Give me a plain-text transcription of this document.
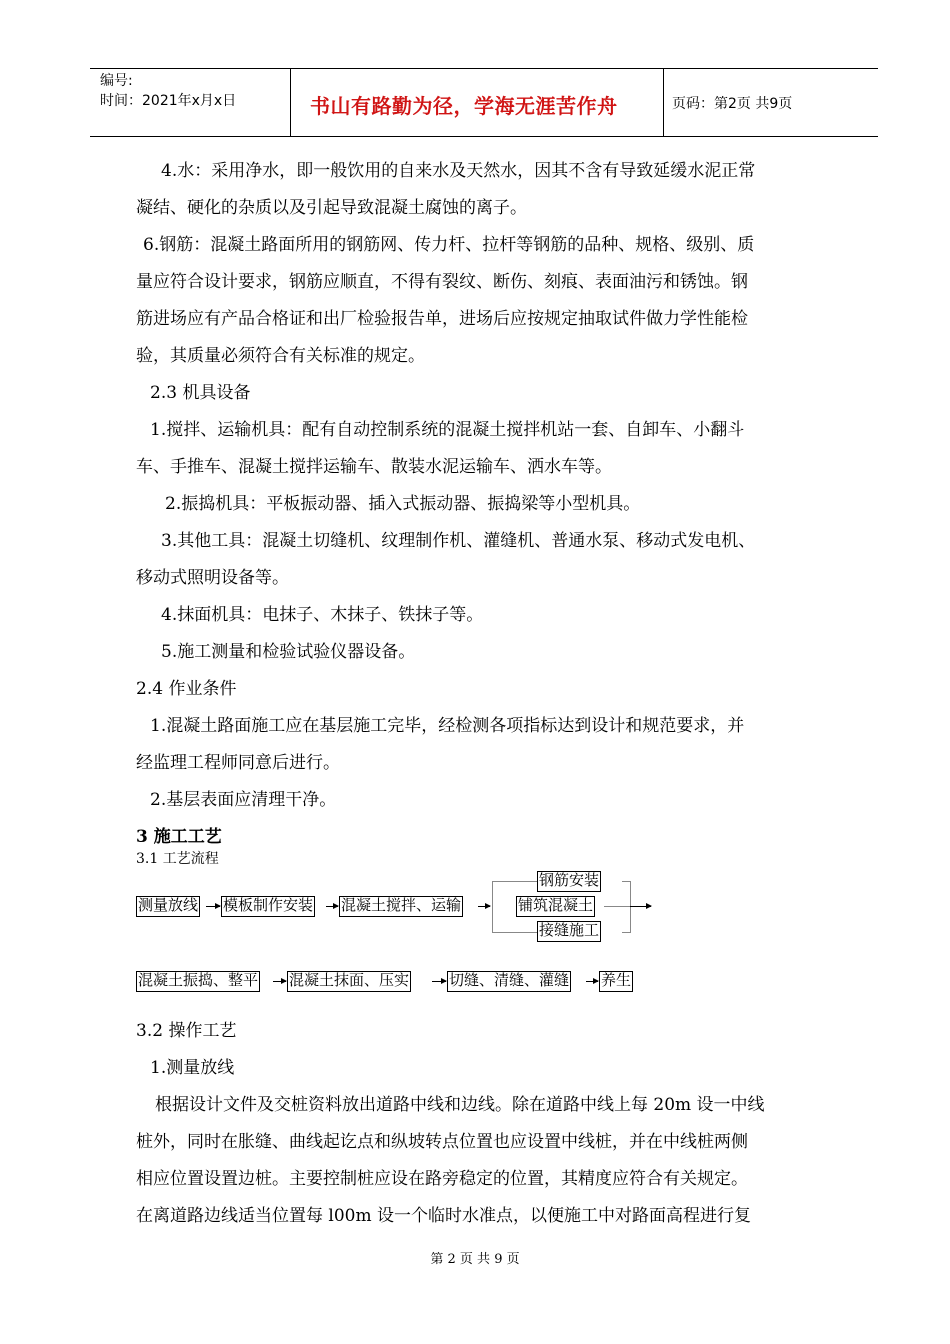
编号:
时间：2021年x月x日	书山有路勤为径，学海无涯苦作舟	页码：第2页 共9页
4.水：采用净水，即一般饮用的自来水及天然水，因其不含有导致延缓水泥正常
凝结、硬化的杂质以及引起导致混凝土腐蚀的离子。
6.钢筋：混凝土路面所用的钢筋网、传力杆、拉杆等钢筋的品种、规格、级别、质
量应符合设计要求，钢筋应顺直，不得有裂纹、断伤、刻痕、表面油污和锈蚀。钢
筋进场应有产品合格证和出厂检验报告单，进场后应按规定抽取试件做力学性能检
验，其质量必须符合有关标准的规定。
2.3 机具设备
1.搅拌、运输机具：配有自动控制系统的混凝土搅拌机站一套、自卸车、小翻斗
车、手推车、混凝土搅拌运输车、散装水泥运输车、洒水车等。
2.振捣机具：平板振动器、插入式振动器、振捣梁等小型机具。
3.其他工具：混凝土切缝机、纹理制作机、灌缝机、普通水泵、移动式发电机、
移动式照明设备等。
4.抹面机具：电抹子、木抹子、铁抹子等。
5.施工测量和检验试验仪器设备。
2.4 作业条件
1.混凝土路面施工应在基层施工完毕，经检测各项指标达到设计和规范要求，并
经监理工程师同意后进行。
2.基层表面应清理干净。
3 施工工艺
3.1 工艺流程
测量放线 模板制作安装 混凝土搅拌、运输
钢筋安装
铺筑混凝土
接缝施工
混凝土振捣、整平 混凝土抹面、压实	切缝、清缝、灌缝 养生
3.2 操作工艺
1.测量放线
根据设计文件及交桩资料放出道路中线和边线。除在道路中线上每 20m 设一中线
桩外，同时在胀缝、曲线起讫点和纵坡转点位置也应设置中线桩，并在中线桩两侧
相应位置设置边桩。主要控制桩应设在路旁稳定的位置，其精度应符合有关规定。
在离道路边线适当位置每 l00m 设一个临时水准点，以便施工中对路面高程进行复
第 2 页 共 9 页
